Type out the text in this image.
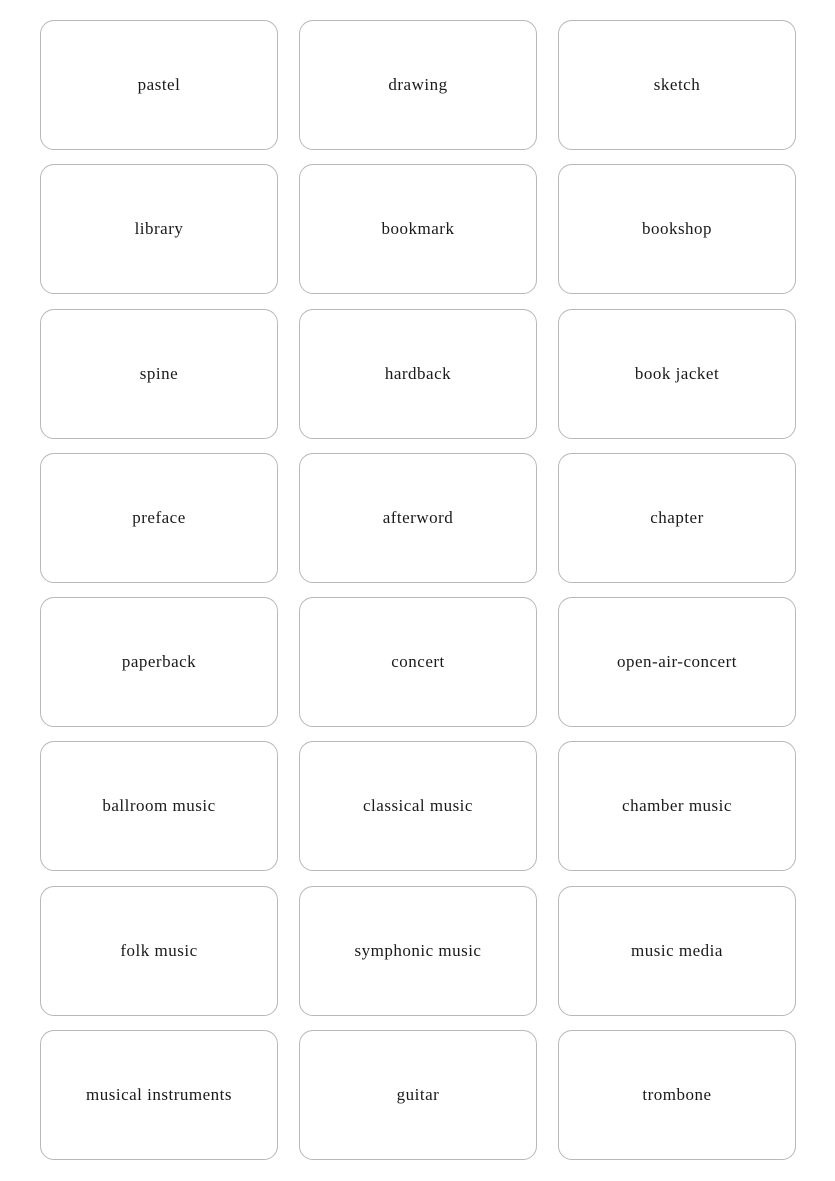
pastel	drawing	sketch
library	bookmark	bookshop
spine	hardback	book jacket
preface	afterword	chapter
paperback	concert	open-air-concert
ballroom music	classical music	chamber music
folk music	symphonic music	music media
musical instruments	guitar	trombone
